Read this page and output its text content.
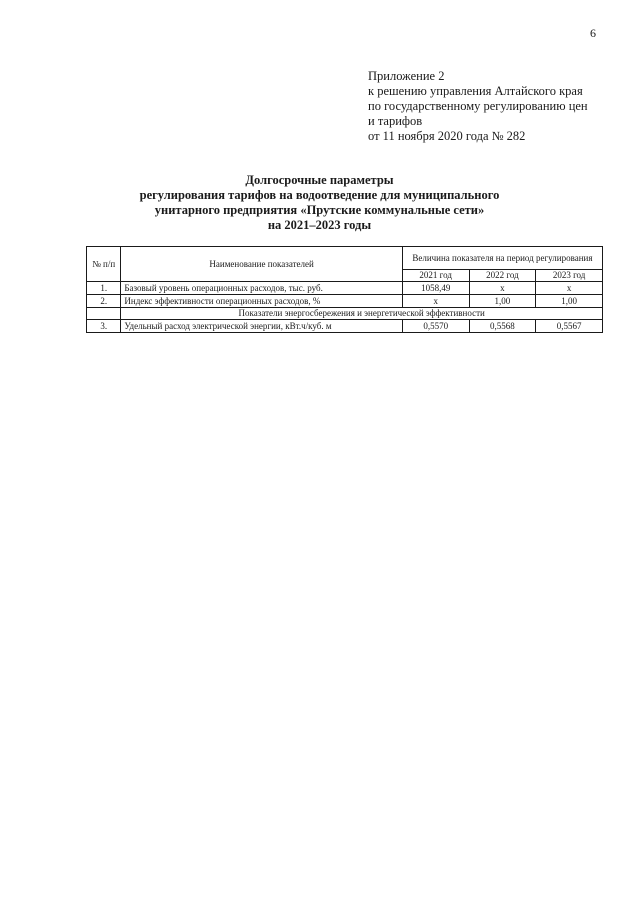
6
Приложение 2
к решению управления Алтайского края
по государственному регулированию цен
и тарифов
от 11 ноября 2020 года № 282
Долгосрочные параметры
регулирования тарифов на водоотведение для муниципального
унитарного предприятия «Прутские коммунальные сети»
на 2021–2023 годы
№ п/п	Наименование показателей	Величина показателя на период регулирования		
		2021 год	2022 год	2023 год
1.	Базовый уровень операционных расходов, тыс. руб.	1058,49	x	x
2.	Индекс эффективности операционных расходов, %	x	1,00	1,00
	Показатели энергосбережения и энергетической эффективности			
3.	Удельный расход электрической энергии, кВт.ч/куб. м	0,5570	0,5568	0,5567
